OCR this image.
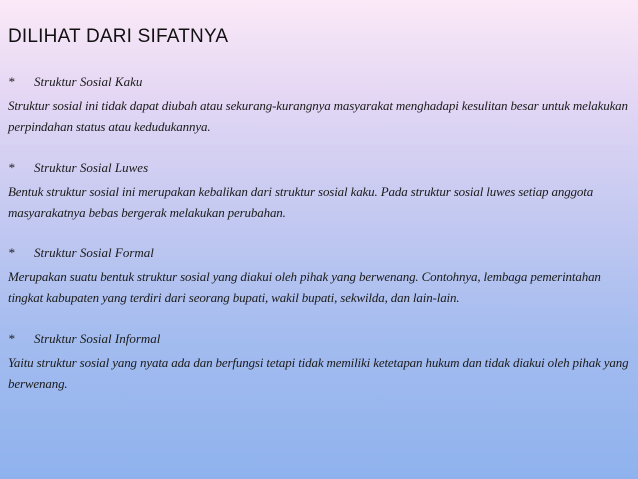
DILIHAT DARI SIFATNYA
* Struktur Sosial Kaku
Struktur sosial ini tidak dapat diubah atau sekurang-kurangnya masyarakat menghadapi kesulitan besar untuk melakukan perpindahan status atau kedudukannya.
* Struktur Sosial Luwes
Bentuk struktur sosial ini merupakan kebalikan dari struktur sosial kaku. Pada struktur sosial luwes setiap anggota masyarakatnya bebas bergerak melakukan perubahan.
* Struktur Sosial Formal
Merupakan suatu bentuk struktur sosial yang diakui oleh pihak yang berwenang. Contohnya, lembaga pemerintahan tingkat kabupaten yang terdiri dari seorang bupati, wakil bupati, sekwilda, dan lain-lain.
* Struktur Sosial Informal
Yaitu struktur sosial yang nyata ada dan berfungsi tetapi tidak memiliki ketetapan hukum dan tidak diakui oleh pihak yang berwenang.
